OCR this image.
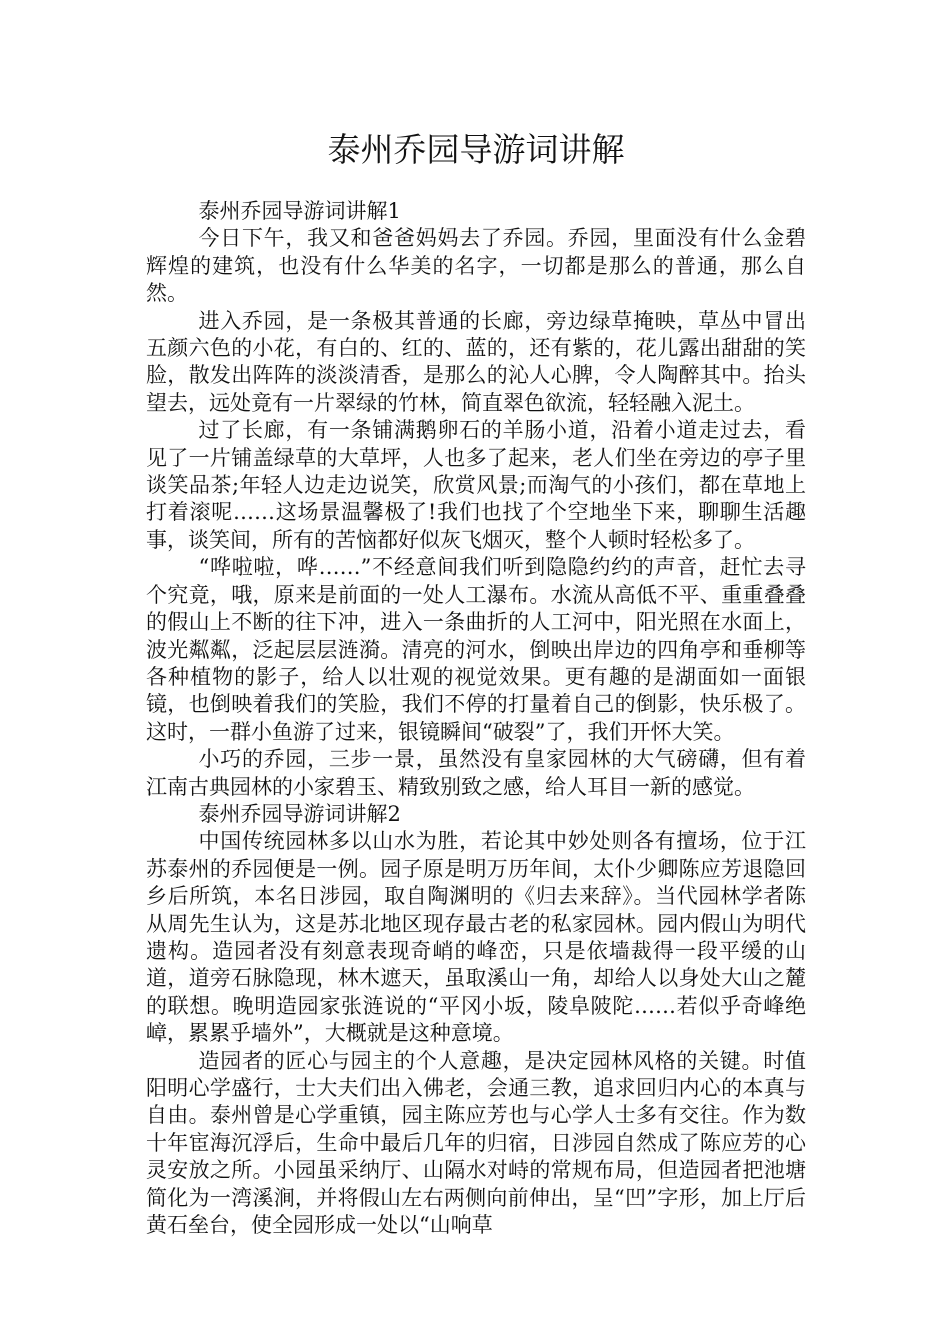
泰州乔园导游词讲解

泰州乔园导游词讲解1

今日下午，我又和爸爸妈妈去了乔园。乔园，里面没有什么金碧辉煌的建筑，也没有什么华美的名字，一切都是那么的普通，那么自然。

进入乔园，是一条极其普通的长廊，旁边绿草掩映，草丛中冒出五颜六色的小花，有白的、红的、蓝的，还有紫的，花儿露出甜甜的笑脸，散发出阵阵的淡淡清香，是那么的沁人心脾，令人陶醉其中。抬头望去，远处竟有一片翠绿的竹林，简直翠色欲流，轻轻融入泥土。

过了长廊，有一条铺满鹅卵石的羊肠小道，沿着小道走过去，看见了一片铺盖绿草的大草坪，人也多了起来，老人们坐在旁边的亭子里谈笑品茶;年轻人边走边说笑，欣赏风景;而淘气的小孩们，都在草地上打着滚呢……这场景温馨极了!我们也找了个空地坐下来，聊聊生活趣事，谈笑间，所有的苦恼都好似灰飞烟灭，整个人顿时轻松多了。

“哗啦啦，哗……”不经意间我们听到隐隐约约的声音，赶忙去寻个究竟，哦，原来是前面的一处人工瀑布。水流从高低不平、重重叠叠的假山上不断的往下冲，进入一条曲折的人工河中，阳光照在水面上，波光粼粼，泛起层层涟漪。清亮的河水，倒映出岸边的四角亭和垂柳等各种植物的影子，给人以壮观的视觉效果。更有趣的是湖面如一面银镜，也倒映着我们的笑脸，我们不停的打量着自己的倒影，快乐极了。这时，一群小鱼游了过来，银镜瞬间“破裂”了，我们开怀大笑。

小巧的乔园，三步一景，虽然没有皇家园林的大气磅礴，但有着江南古典园林的小家碧玉、精致别致之感，给人耳目一新的感觉。

泰州乔园导游词讲解2

中国传统园林多以山水为胜，若论其中妙处则各有擅场，位于江苏泰州的乔园便是一例。园子原是明万历年间，太仆少卿陈应芳退隐回乡后所筑，本名日涉园，取自陶渊明的《归去来辞》。当代园林学者陈从周先生认为，这是苏北地区现存最古老的私家园林。园内假山为明代遗构。造园者没有刻意表现奇峭的峰峦，只是依墙裁得一段平缓的山道，道旁石脉隐现，林木遮天，虽取溪山一角，却给人以身处大山之麓的联想。晚明造园家张涟说的“平冈小坂，陵阜陂陀……若似乎奇峰绝嶂，累累乎墙外”，大概就是这种意境。

造园者的匠心与园主的个人意趣，是决定园林风格的关键。时值阳明心学盛行，士大夫们出入佛老，会通三教，追求回归内心的本真与自由。泰州曾是心学重镇，园主陈应芳也与心学人士多有交往。作为数十年宦海沉浮后，生命中最后几年的归宿，日涉园自然成了陈应芳的心灵安放之所。小园虽采纳厅、山隔水对峙的常规布局，但造园者把池塘简化为一湾溪涧，并将假山左右两侧向前伸出，呈“凹”字形，加上厅后黄石垒台，使全园形成一处以“山响草
